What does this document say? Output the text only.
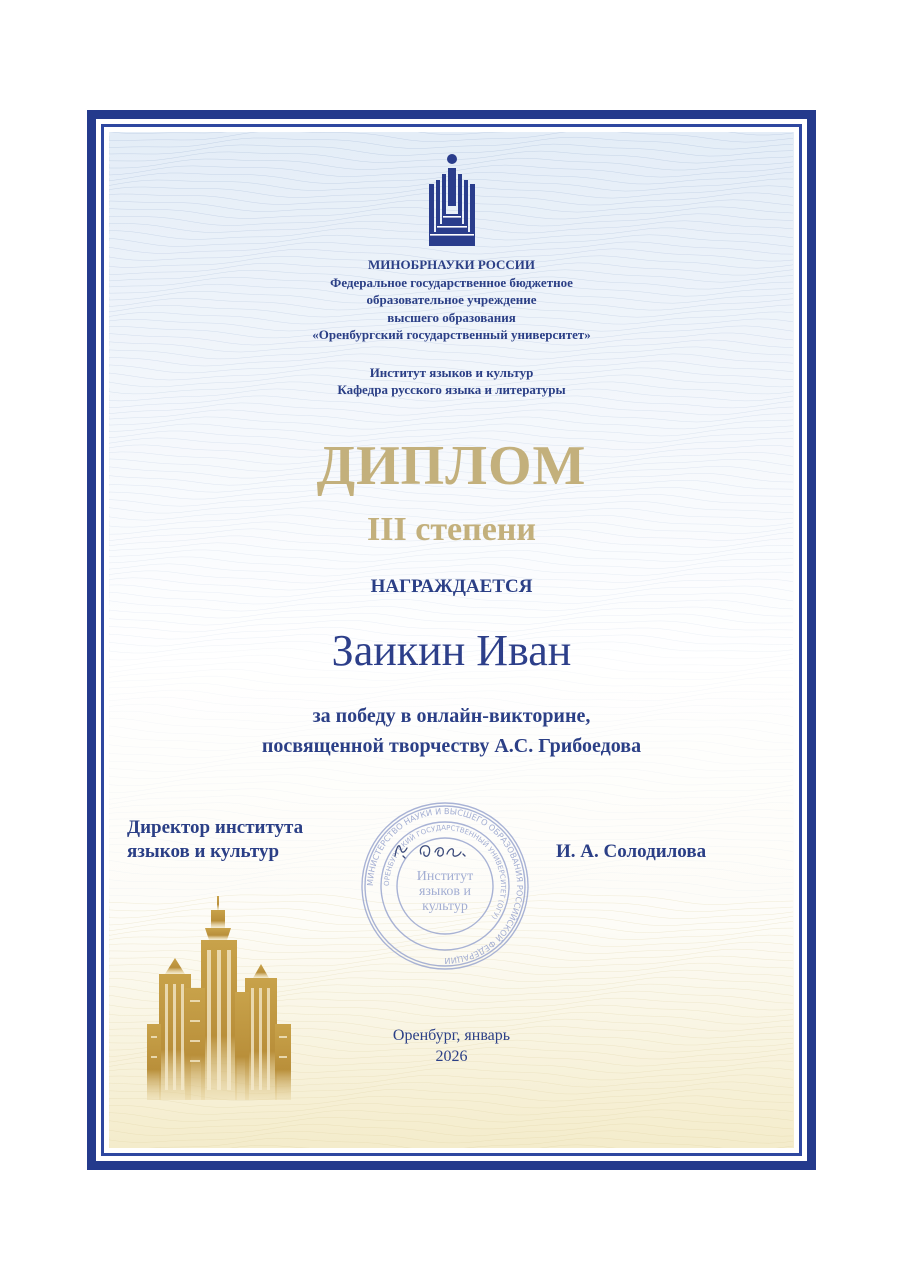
МИНОБРНАУКИ РОССИИ
Федеральное государственное бюджетное
образовательное учреждение
высшего образования
«Оренбургский государственный университет»
Институт языков и культур
Кафедра русского языка и литературы
ДИПЛОМ
III степени
НАГРАЖДАЕТСЯ
Заикин Иван
за победу в онлайн-викторине,
посвященной творчеству А.С. Грибоедова
МИНИСТЕРСТВО НАУКИ И ВЫСШЕГО ОБРАЗОВАНИЯ РОССИЙСКОЙ ФЕДЕРАЦИИ
ОРЕНБУРГСКИЙ ГОСУДАРСТВЕННЫЙ УНИВЕРСИТЕТ (ОГУ)
Институт
языков и
культур
Директор института
языков и культур	И. А. Солодилова
Оренбург, январь
2026
